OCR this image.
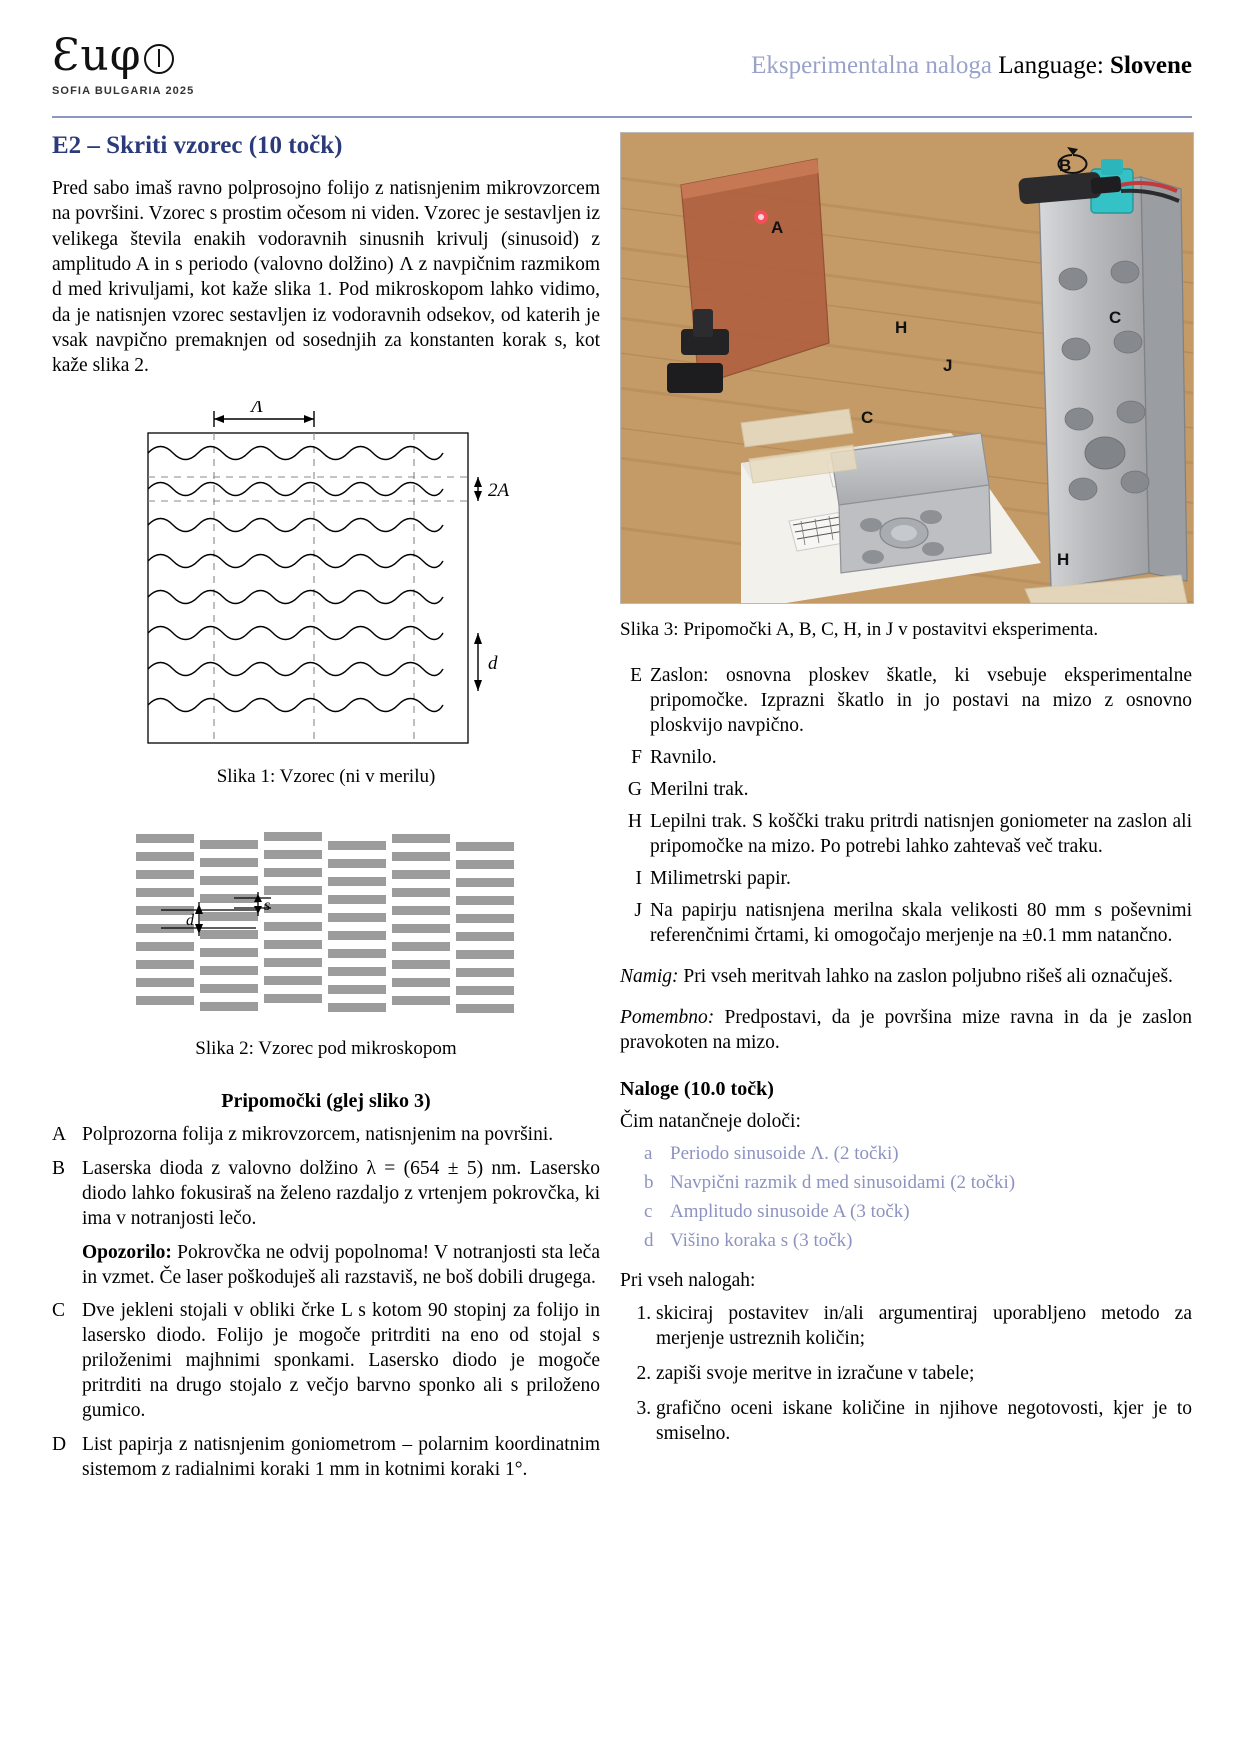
Ɛuφ
SOFIA BULGARIA 2025
Eksperimentalna naloga Language: Slovene
E2 – Skriti vzorec (10 točk)

Pred sabo imaš ravno polprosojno folijo z natisnjenim mikrovzorcem na površini. Vzorec s prostim očesom ni viden. Vzorec je sestavljen iz velikega števila enakih vodoravnih sinusnih krivulj (sinusoid) z amplitudo A in s periodo (valovno dolžino) Λ z navpičnim razmikom d med krivuljami, kot kaže slika 1. Pod mikroskopom lahko vidimo, da je natisnjen vzorec sestavljen iz vodoravnih odsekov, od katerih je vsak navpično premaknjen od sosednjih za konstanten korak s, kot kaže slika 2.

Λ
2A
d
Slika 1: Vzorec (ni v merilu)
d
s
Slika 2: Vzorec pod mikroskopom
Pripomočki (glej sliko 3)
A Polprozorna folija z mikrovzorcem, natisnjenim na površini.
B Laserska dioda z valovno dolžino λ = (654 ± 5) nm. Lasersko diodo lahko fokusiraš na želeno razdaljo z vrtenjem pokrovčka, ki ima v notranjosti lečo.
Opozorilo: Pokrovčka ne odvij popolnoma! V notranjosti sta leča in vzmet. Če laser poškoduješ ali razstaviš, ne boš dobili drugega.
C Dve jekleni stojali v obliki črke L s kotom 90 stopinj za folijo in lasersko diodo. Folijo je mogoče pritrditi na eno od stojal s priloženimi majhnimi sponkami. Lasersko diodo je mogoče pritrditi na drugo stojalo z večjo barvno sponko ali s priloženo gumico.
D List papirja z natisnjenim goniometrom – polarnim koordinatnim sistemom z radialnimi koraki 1 mm in kotnimi koraki 1°.
A
B
C
H
J
C
H
Slika 3: Pripomočki A, B, C, H, in J v postavitvi eksperimenta.
E Zaslon: osnovna ploskev škatle, ki vsebuje eksperimentalne pripomočke. Izprazni škatlo in jo postavi na mizo z osnovno ploskvijo navpično.
F Ravnilo.
G Merilni trak.
H Lepilni trak. S koščki traku pritrdi natisnjen goniometer na zaslon ali pripomočke na mizo. Po potrebi lahko zahtevaš več traku.
I Milimetrski papir.
J Na papirju natisnjena merilna skala velikosti 80 mm s poševnimi referenčnimi črtami, ki omogočajo merjenje na ±0.1 mm natančno.
Namig: Pri vseh meritvah lahko na zaslon poljubno rišeš ali označuješ.
Pomembno: Predpostavi, da je površina mize ravna in da je zaslon pravokoten na mizo.
Naloge (10.0 točk)

Čim natančneje določi:

a Periodo sinusoide Λ. (2 točki)
b Navpični razmik d med sinusoidami (2 točki)
c Amplitudo sinusoide A (3 točk)
d Višino koraka s (3 točk)

Pri vseh nalogah:

1. skiciraj postavitev in/ali argumentiraj uporabljeno metodo za merjenje ustreznih količin;
2. zapiši svoje meritve in izračune v tabele;
3. grafično oceni iskane količine in njihove negotovosti, kjer je to smiselno.
